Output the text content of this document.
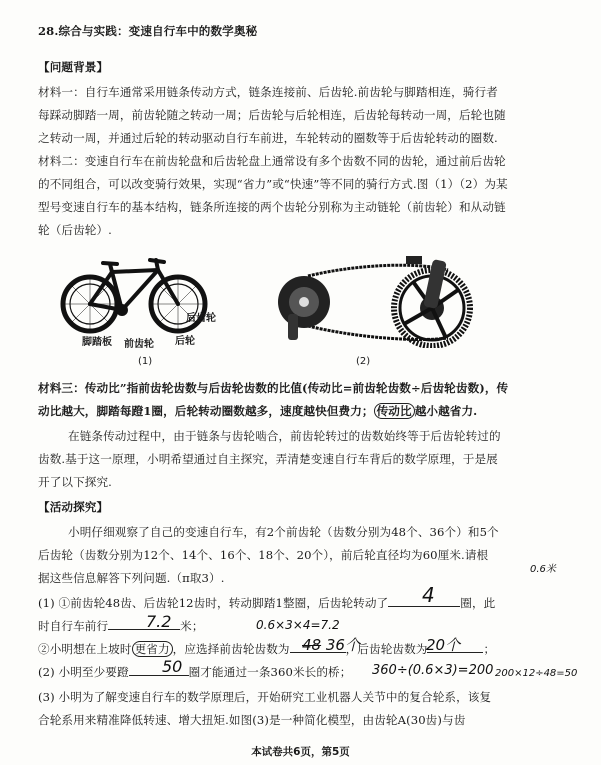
28.综合与实践：变速自行车中的数学奥秘
【问题背景】
材料一：自行车通常采用链条传动方式，链条连接前、后齿轮.前齿轮与脚踏相连，骑行者
每踩动脚踏一周，前齿轮随之转动一周；后齿轮与后轮相连，后齿轮每转动一周，后轮也随
之转动一周，并通过后轮的转动驱动自行车前进，车轮转动的圈数等于后齿轮转动的圈数.
材料二：变速自行车在前齿轮盘和后齿轮盘上通常设有多个齿数不同的齿轮，通过前后齿轮
的不同组合，可以改变骑行效果，实现“省力”或“快速”等不同的骑行方式.图（1）（2）为某
型号变速自行车的基本结构，链条所连接的两个齿轮分别称为主动链轮（前齿轮）和从动链
轮（后齿轮）.
后齿轮
脚踏板 前齿轮 后轮
(1)	(2)
材料三：传动比”指前齿轮齿数与后齿轮齿数的比值(传动比=前齿轮齿数÷后齿轮齿数)，传
动比越大，脚踏每蹬1圈，后轮转动圈数越多，速度越快但费力； 传动比 越小越省力.
在链条传动过程中，由于链条与齿轮啮合，前齿轮转过的齿数始终等于后齿轮转过的
齿数.基于这一原理，小明希望通过自主探究，弄清楚变速自行车背后的数学原理，于是展
开了以下探究.
【活动探究】
小明仔细观察了自己的变速自行车，有2个前齿轮（齿数分别为48个、36个）和5个
后齿轮（齿数分别为12个、14个、16个、18个、20个），前后轮直径均为60厘米.请根
据这些信息解答下列问题.（π取3）.
0.6米
(1) ①前齿轮48齿、后齿轮12齿时，转动脚踏1整圈，后齿轮转动了	圈，此
4
时自行车前行	米；
7.2	0.6×3×4=7.2
②小明想在上坡时 更省力 ，应选择前齿轮齿数为	，后齿轮齿数为	；
48 36个	20个
(2) 小明至少要蹬	圈才能通过一条360米长的桥；
50	360÷(0.6×3)=200 200×12÷48=50
(3) 小明为了解变速自行车的数学原理后，开始研究工业机器人关节中的复合轮系，该复
合轮系用来精准降低转速、增大扭矩.如图(3)是一种简化模型，由齿轮A(30齿)与齿
本试卷共6页，第5页
